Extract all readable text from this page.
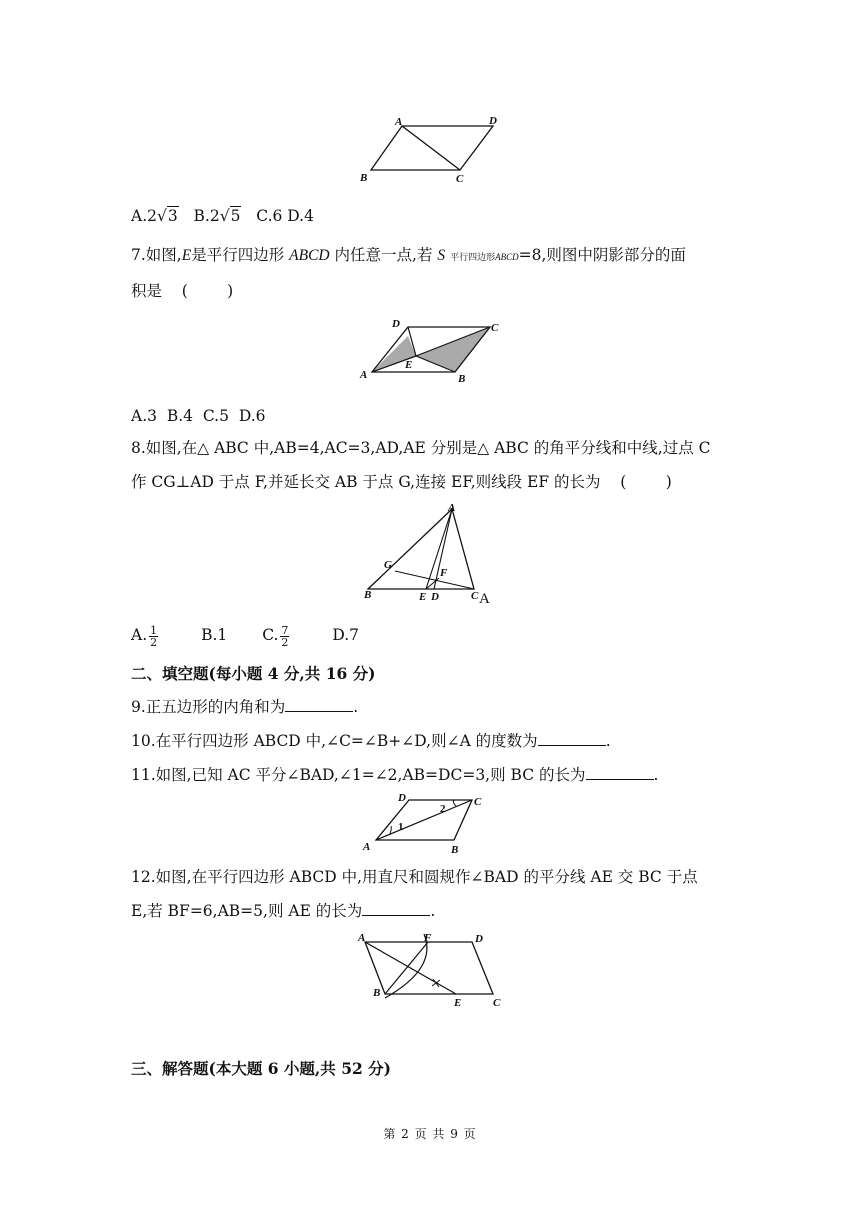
A	D
B	C
A.2√3 B.2√5 C.6 D.4
7.如图,E是平行四边形 ABCD 内任意一点,若 S 平行四边形ABCD=8,则图中阴影部分的面
积是    (        )
D	C
A
E
B
A.3  B.4  C.5  D.6
8.如图,在△ ABC 中,AB=4,AC=3,AD,AE 分别是△ ABC 的角平分线和中线,过点 C
作 CG⊥AD 于点 F,并延长交 AB 于点 G,连接 EF,则线段 EF 的长为    (        )
A
G
F
B	E D	C A
A. $\frac{1}{2}$	B.1 C. $\frac{7}{2}$	D.7
二、填空题(每小题 4 分,共 16 分)
9.正五边形的内角和为	.
10.在平行四边形 ABCD 中,∠C=∠B+∠D,则∠A 的度数为	.
11.如图,已知 AC 平分∠BAD,∠1=∠2,AB=DC=3,则 BC 的长为	.
D	C
A	B
1
2
12.如图,在平行四边形 ABCD 中,用直尺和圆规作∠BAD 的平分线 AE 交 BC 于点
E,若 BF=6,AB=5,则 AE 的长为	.
A	F	D
B
E	C
三、解答题(本大题 6 小题,共 52 分)
第 2 页 共 9 页
